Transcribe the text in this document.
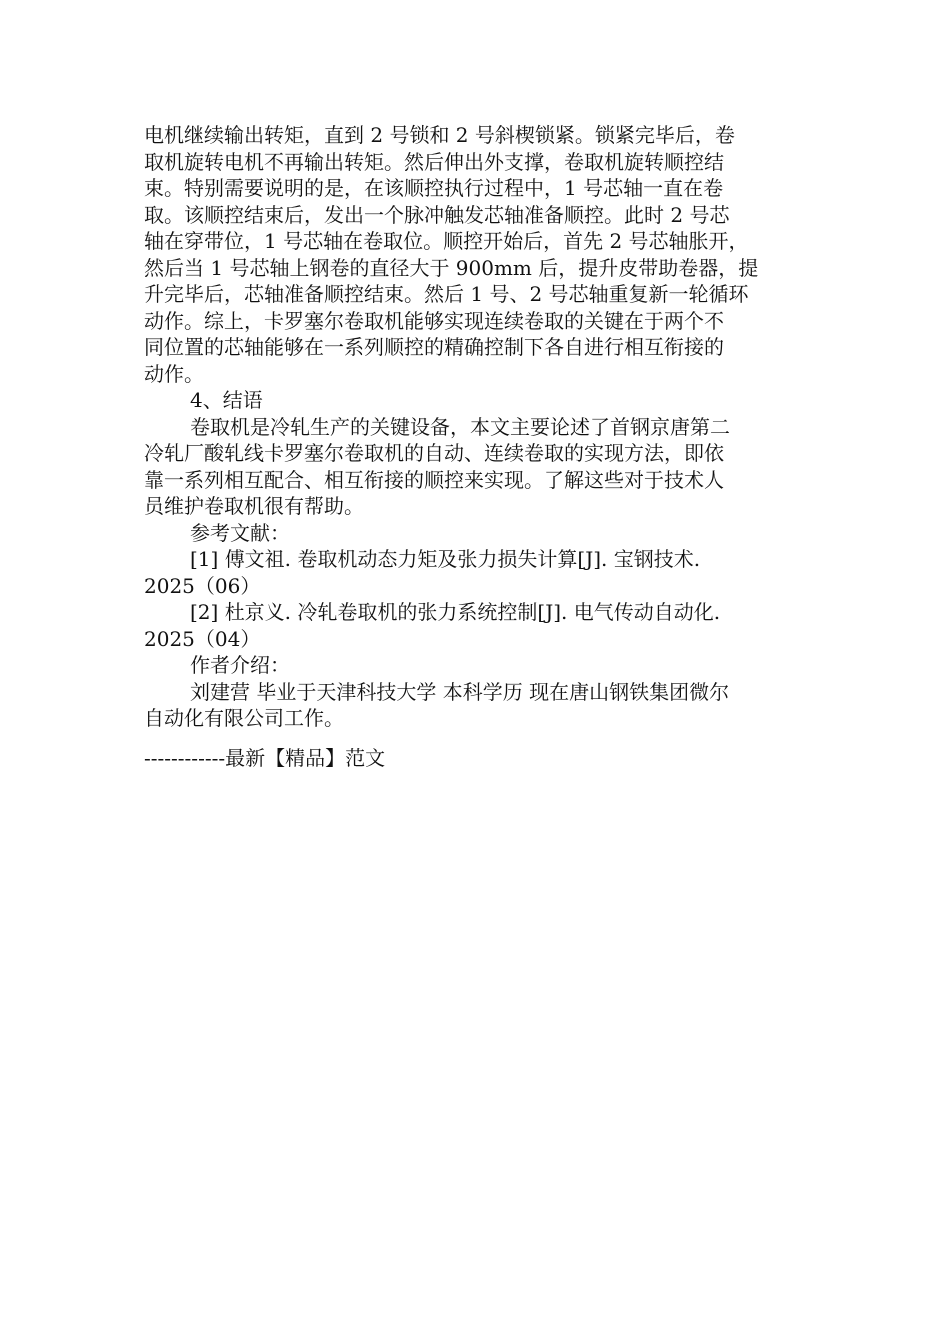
电机继续输出转矩，直到 2 号锁和 2 号斜楔锁紧。锁紧完毕后，卷
取机旋转电机不再输出转矩。然后伸出外支撑，卷取机旋转顺控结
束。特别需要说明的是，在该顺控执行过程中，1 号芯轴一直在卷
取。该顺控结束后，发出一个脉冲触发芯轴准备顺控。此时 2 号芯
轴在穿带位，1 号芯轴在卷取位。顺控开始后，首先 2 号芯轴胀开，
然后当 1 号芯轴上钢卷的直径大于 900mm 后，提升皮带助卷器，提
升完毕后，芯轴准备顺控结束。然后 1 号、2 号芯轴重复新一轮循环
动作。综上，卡罗塞尔卷取机能够实现连续卷取的关键在于两个不
同位置的芯轴能够在一系列顺控的精确控制下各自进行相互衔接的
动作。
4、结语
卷取机是冷轧生产的关键设备，本文主要论述了首钢京唐第二
冷轧厂酸轧线卡罗塞尔卷取机的自动、连续卷取的实现方法，即依
靠一系列相互配合、相互衔接的顺控来实现。了解这些对于技术人
员维护卷取机很有帮助。
参考文献：
[1] 傅文祖. 卷取机动态力矩及张力损失计算[J]. 宝钢技术.
2025（06）
[2] 杜京义. 冷轧卷取机的张力系统控制[J]. 电气传动自动化.
2025（04）
作者介绍：
刘建营 毕业于天津科技大学 本科学历 现在唐山钢铁集团微尔
自动化有限公司工作。
------------最新【精品】范文
